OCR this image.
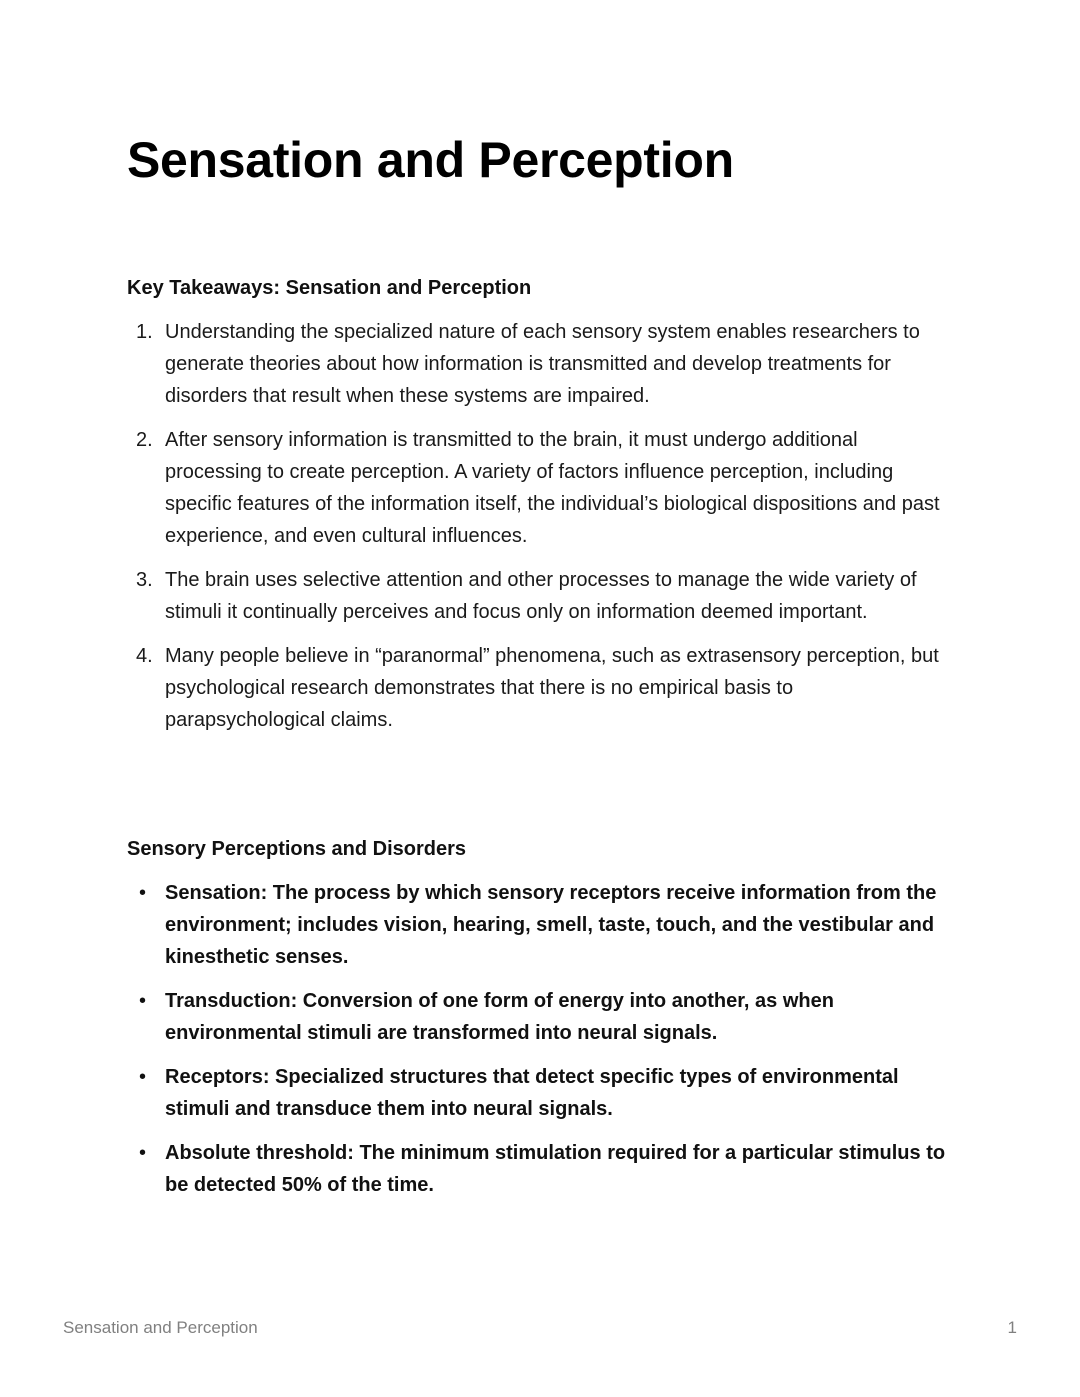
Sensation and Perception
Key Takeaways: Sensation and Perception
1. Understanding the specialized nature of each sensory system enables researchers to generate theories about how information is transmitted and develop treatments for disorders that result when these systems are impaired.
2. After sensory information is transmitted to the brain, it must undergo additional processing to create perception. A variety of factors influence perception, including specific features of the information itself, the individual’s biological dispositions and past experience, and even cultural influences.
3. The brain uses selective attention and other processes to manage the wide variety of stimuli it continually perceives and focus only on information deemed important.
4. Many people believe in “paranormal” phenomena, such as extrasensory perception, but psychological research demonstrates that there is no empirical basis to parapsychological claims.
Sensory Perceptions and Disorders
• Sensation: The process by which sensory receptors receive information from the environment; includes vision, hearing, smell, taste, touch, and the vestibular and kinesthetic senses.
• Transduction: Conversion of one form of energy into another, as when environmental stimuli are transformed into neural signals.
• Receptors: Specialized structures that detect specific types of environmental stimuli and transduce them into neural signals.
• Absolute threshold: The minimum stimulation required for a particular stimulus to be detected 50% of the time.
Sensation and Perception	1
